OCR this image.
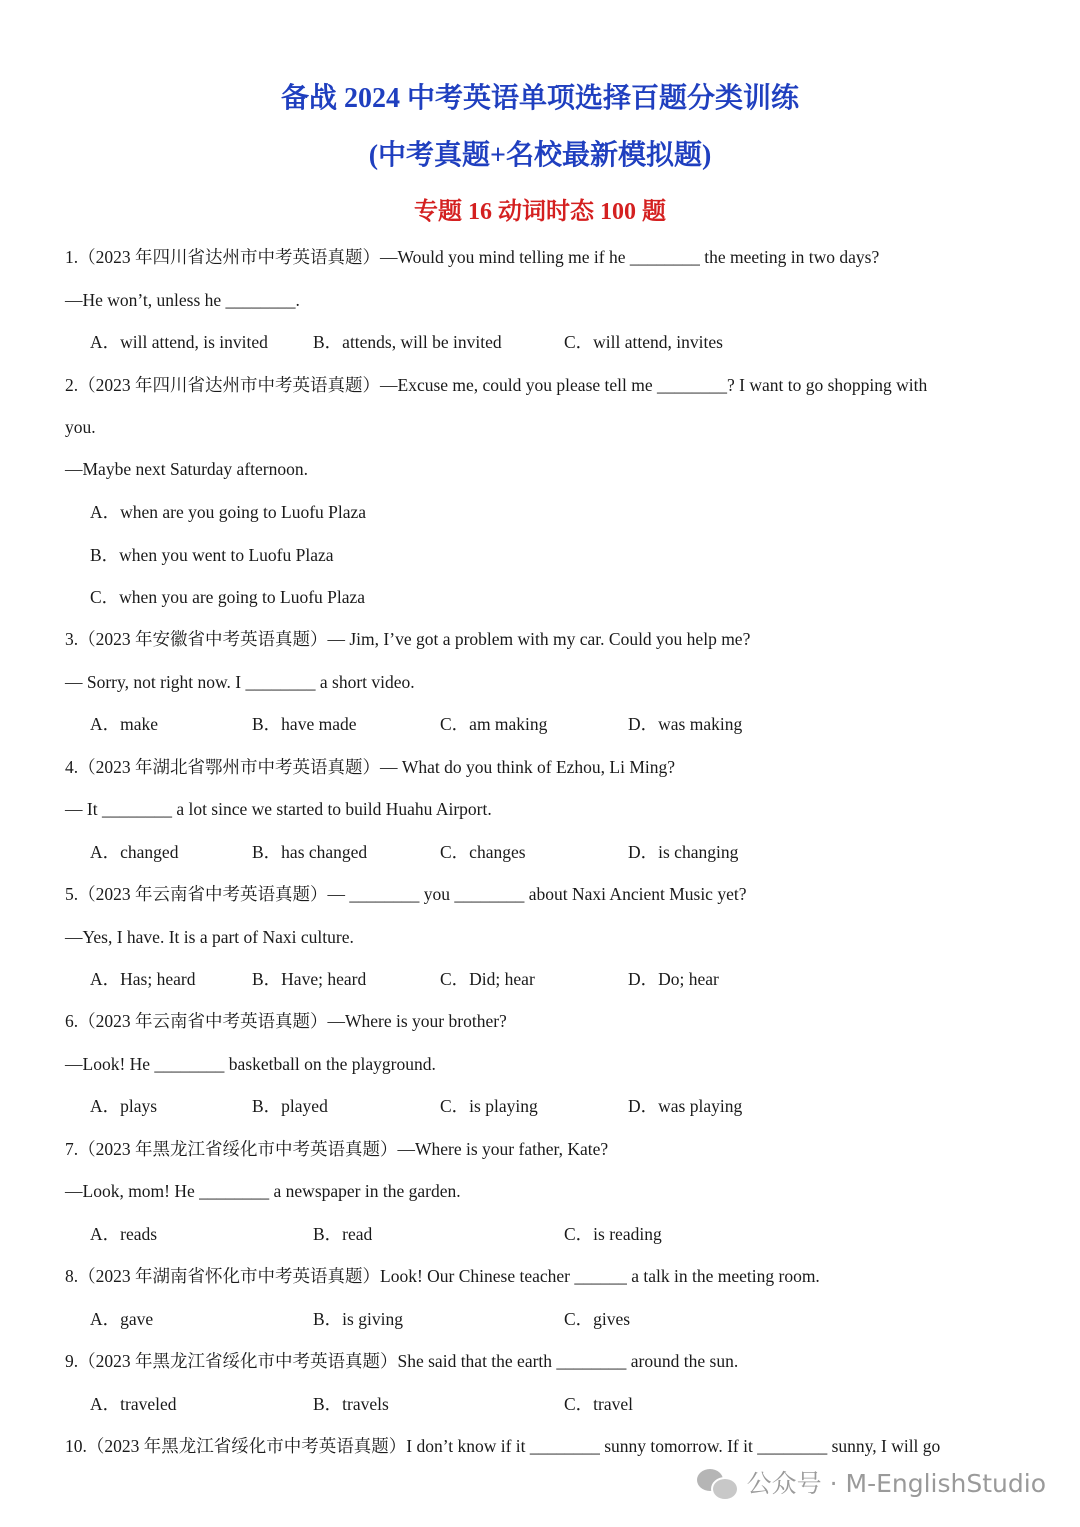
备战 2024 中考英语单项选择百题分类训练
(中考真题+名校最新模拟题)
专题 16 动词时态 100 题
1.（2023 年四川省达州市中考英语真题）—Would you mind telling me if he ________ the meeting in two days?
—He won’t, unless he ________.
A．will attend, is invited	B．attends, will be invited	C．will attend, invites
2.（2023 年四川省达州市中考英语真题）—Excuse me, could you please tell me ________? I want to go shopping with
you.
—Maybe next Saturday afternoon.
A．when are you going to Luofu Plaza
B．when you went to Luofu Plaza
C．when you are going to Luofu Plaza
3.（2023 年安徽省中考英语真题）— Jim, I’ve got a problem with my car. Could you help me?
— Sorry, not right now. I ________ a short video.
A．make	B．have made	C．am making	D．was making
4.（2023 年湖北省鄂州市中考英语真题）— What do you think of Ezhou, Li Ming?
— It ________ a lot since we started to build Huahu Airport.
A．changed	B．has changed	C．changes	D．is changing
5.（2023 年云南省中考英语真题）— ________ you ________ about Naxi Ancient Music yet?
—Yes, I have. It is a part of Naxi culture.
A．Has; heard	B．Have; heard	C．Did; hear	D．Do; hear
6.（2023 年云南省中考英语真题）—Where is your brother?
—Look! He ________ basketball on the playground.
A．plays	B．played	C．is playing	D．was playing
7.（2023 年黑龙江省绥化市中考英语真题）—Where is your father, Kate?
—Look, mom! He ________ a newspaper in the garden.
A．reads	B．read	C．is reading
8.（2023 年湖南省怀化市中考英语真题）Look! Our Chinese teacher ______ a talk in the meeting room.
A．gave	B．is giving	C．gives
9.（2023 年黑龙江省绥化市中考英语真题）She said that the earth ________ around the sun.
A．traveled	B．travels	C．travel
10.（2023 年黑龙江省绥化市中考英语真题）I don’t know if it ________ sunny tomorrow. If it ________ sunny, I will go
公众号 · M-EnglishStudio
